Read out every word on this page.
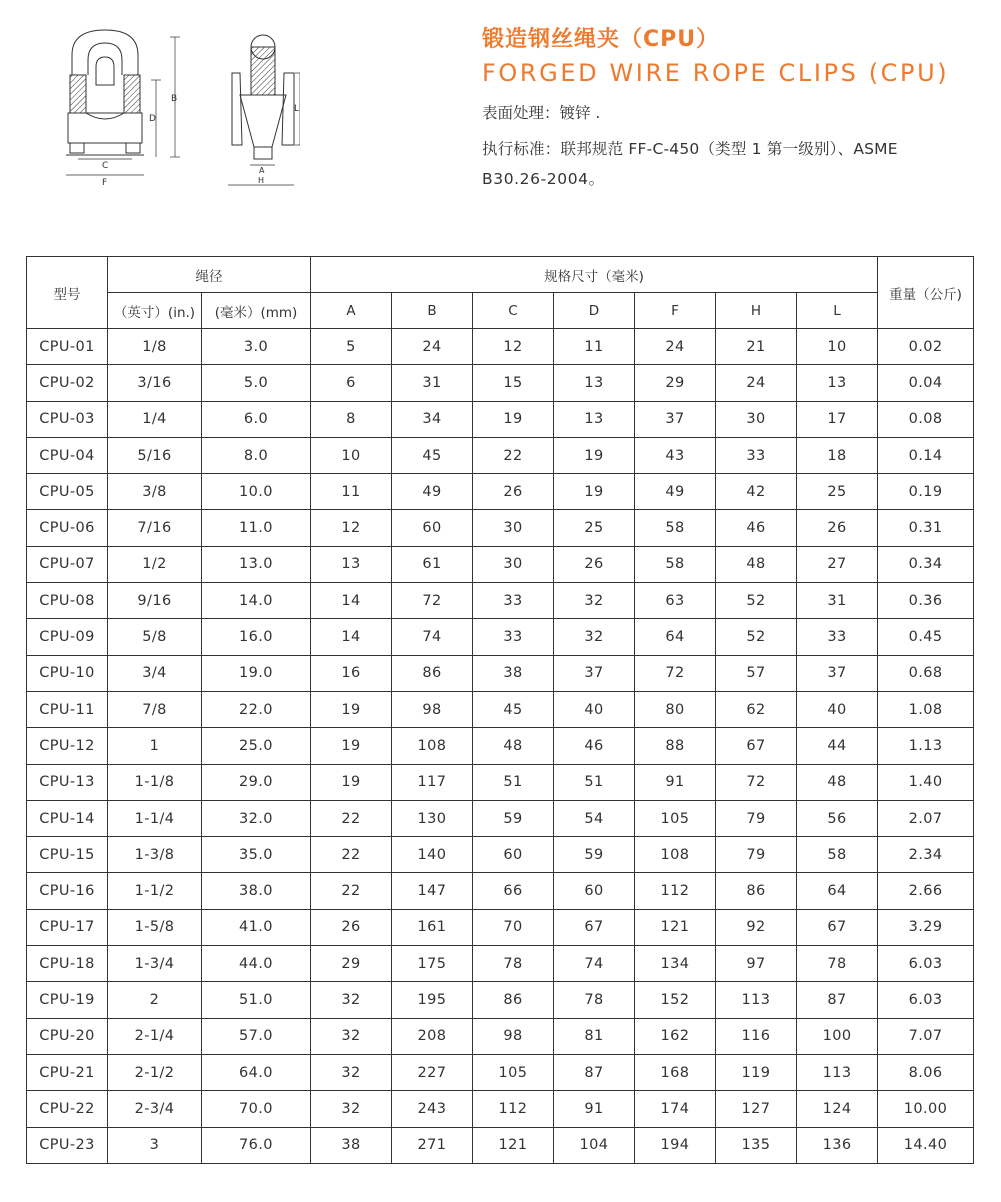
B
D
C
F
L
A
H
锻造钢丝绳夹（CPU）
FORGED WIRE ROPE CLIPS (CPU)
表面处理：镀锌 .
执行标准：联邦规范 FF-C-450（类型 1 第一级别）、ASME
B30.26-2004。
型号	绳径		规格尺寸（毫米)							重量（公斤)
	（英寸）(in.)	(毫米）(mm)	A	B	C	D	F	H	L	
CPU-01	1/8	3.0	5	24	12	11	24	21	10	0.02
CPU-02	3/16	5.0	6	31	15	13	29	24	13	0.04
CPU-03	1/4	6.0	8	34	19	13	37	30	17	0.08
CPU-04	5/16	8.0	10	45	22	19	43	33	18	0.14
CPU-05	3/8	10.0	11	49	26	19	49	42	25	0.19
CPU-06	7/16	11.0	12	60	30	25	58	46	26	0.31
CPU-07	1/2	13.0	13	61	30	26	58	48	27	0.34
CPU-08	9/16	14.0	14	72	33	32	63	52	31	0.36
CPU-09	5/8	16.0	14	74	33	32	64	52	33	0.45
CPU-10	3/4	19.0	16	86	38	37	72	57	37	0.68
CPU-11	7/8	22.0	19	98	45	40	80	62	40	1.08
CPU-12	1	25.0	19	108	48	46	88	67	44	1.13
CPU-13	1-1/8	29.0	19	117	51	51	91	72	48	1.40
CPU-14	1-1/4	32.0	22	130	59	54	105	79	56	2.07
CPU-15	1-3/8	35.0	22	140	60	59	108	79	58	2.34
CPU-16	1-1/2	38.0	22	147	66	60	112	86	64	2.66
CPU-17	1-5/8	41.0	26	161	70	67	121	92	67	3.29
CPU-18	1-3/4	44.0	29	175	78	74	134	97	78	6.03
CPU-19	2	51.0	32	195	86	78	152	113	87	6.03
CPU-20	2-1/4	57.0	32	208	98	81	162	116	100	7.07
CPU-21	2-1/2	64.0	32	227	105	87	168	119	113	8.06
CPU-22	2-3/4	70.0	32	243	112	91	174	127	124	10.00
CPU-23	3	76.0	38	271	121	104	194	135	136	14.40
